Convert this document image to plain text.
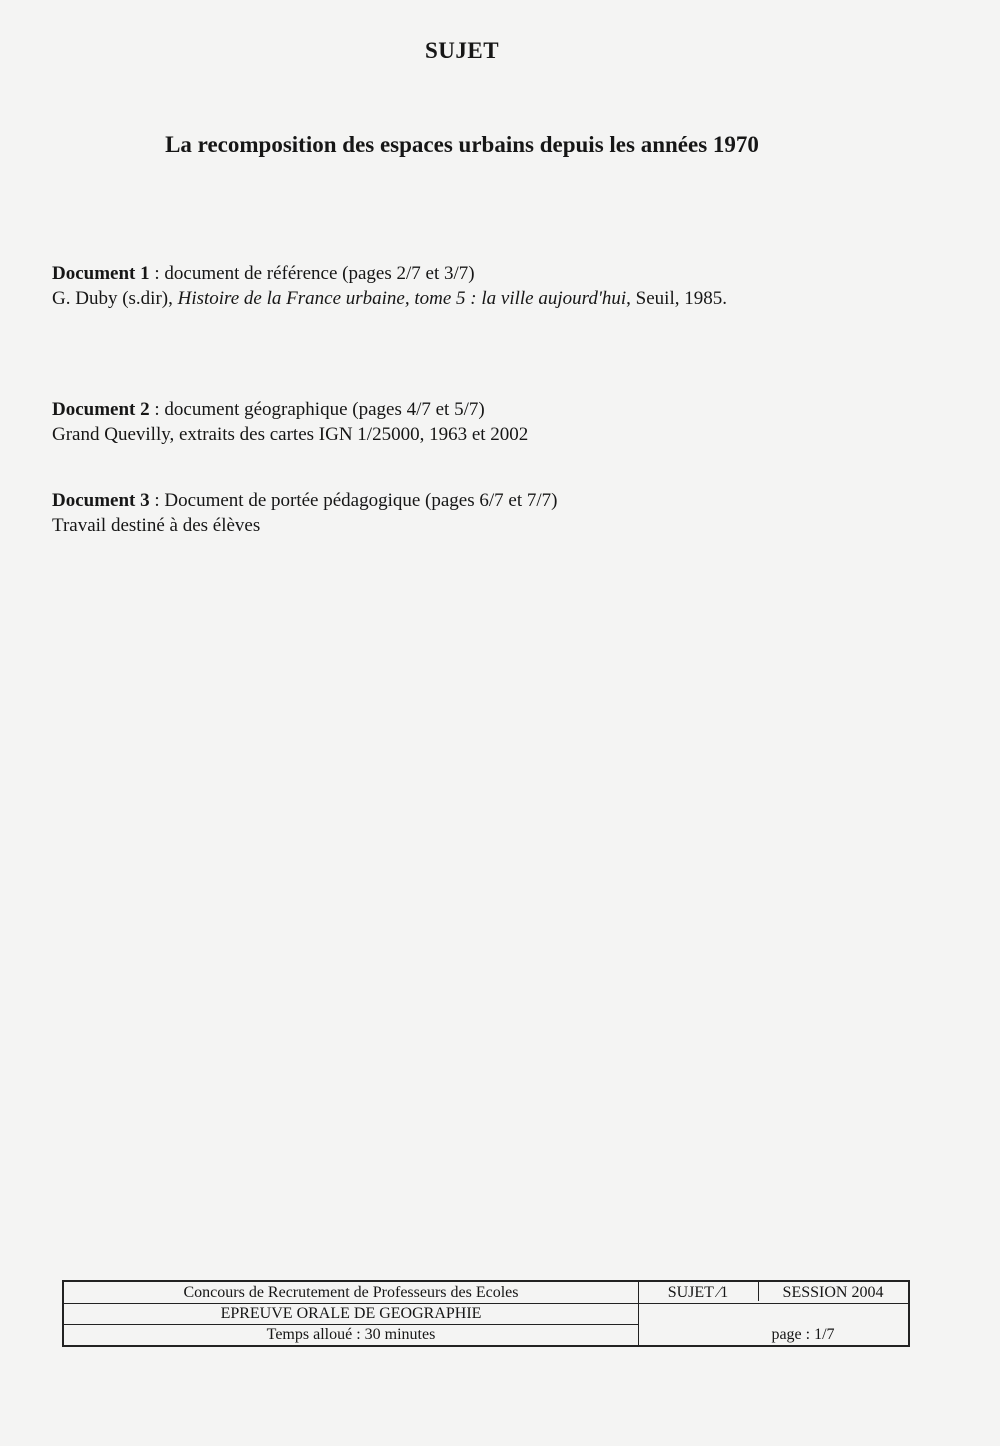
SUJET
La recomposition des espaces urbains depuis les années 1970
Document 1 : document de référence (pages 2/7 et 3/7)
G. Duby (s.dir), Histoire de la France urbaine, tome 5 : la ville aujourd'hui, Seuil, 1985.
Document 2 : document géographique (pages 4/7 et 5/7)
Grand Quevilly, extraits des cartes IGN 1/25000, 1963 et 2002
Document 3 : Document de portée pédagogique (pages 6/7 et 7/7)
Travail destiné à des élèves
Concours de Recrutement de Professeurs des Ecoles
EPREUVE ORALE DE GEOGRAPHIE
Temps alloué : 30 minutes
SUJET ⁄1	SESSION 2004
page : 1/7
